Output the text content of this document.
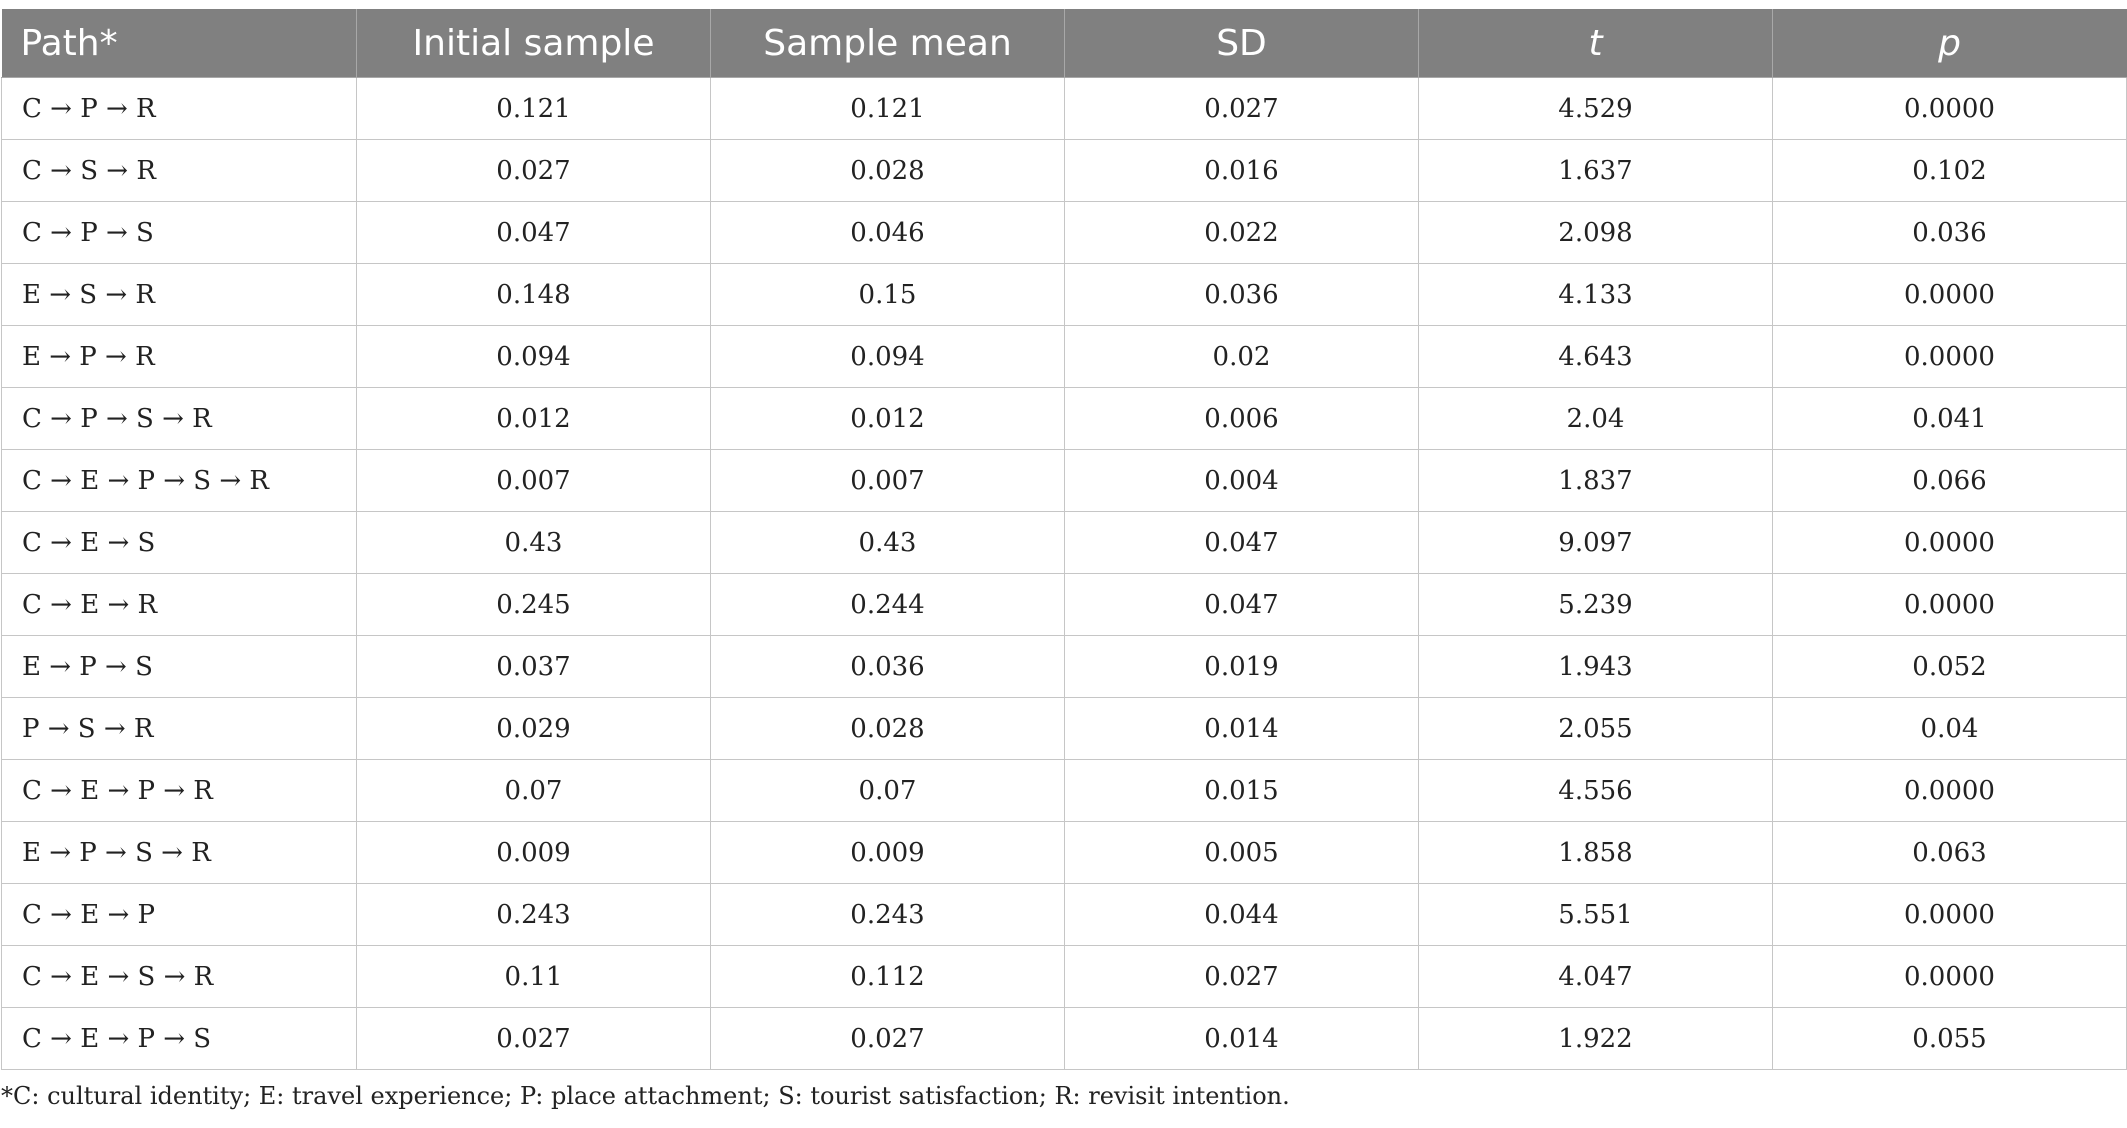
Path*	Initial sample	Sample mean	SD	t	p
C → P → R	0.121	0.121	0.027	4.529	0.0000
C → S → R	0.027	0.028	0.016	1.637	0.102
C → P → S	0.047	0.046	0.022	2.098	0.036
E → S → R	0.148	0.15	0.036	4.133	0.0000
E → P → R	0.094	0.094	0.02	4.643	0.0000
C → P → S → R	0.012	0.012	0.006	2.04	0.041
C → E → P → S → R	0.007	0.007	0.004	1.837	0.066
C → E → S	0.43	0.43	0.047	9.097	0.0000
C → E → R	0.245	0.244	0.047	5.239	0.0000
E → P → S	0.037	0.036	0.019	1.943	0.052
P → S → R	0.029	0.028	0.014	2.055	0.04
C → E → P → R	0.07	0.07	0.015	4.556	0.0000
E → P → S → R	0.009	0.009	0.005	1.858	0.063
C → E → P	0.243	0.243	0.044	5.551	0.0000
C → E → S → R	0.11	0.112	0.027	4.047	0.0000
C → E → P → S	0.027	0.027	0.014	1.922	0.055

*C: cultural identity; E: travel experience; P: place attachment; S: tourist satisfaction; R: revisit intention.
